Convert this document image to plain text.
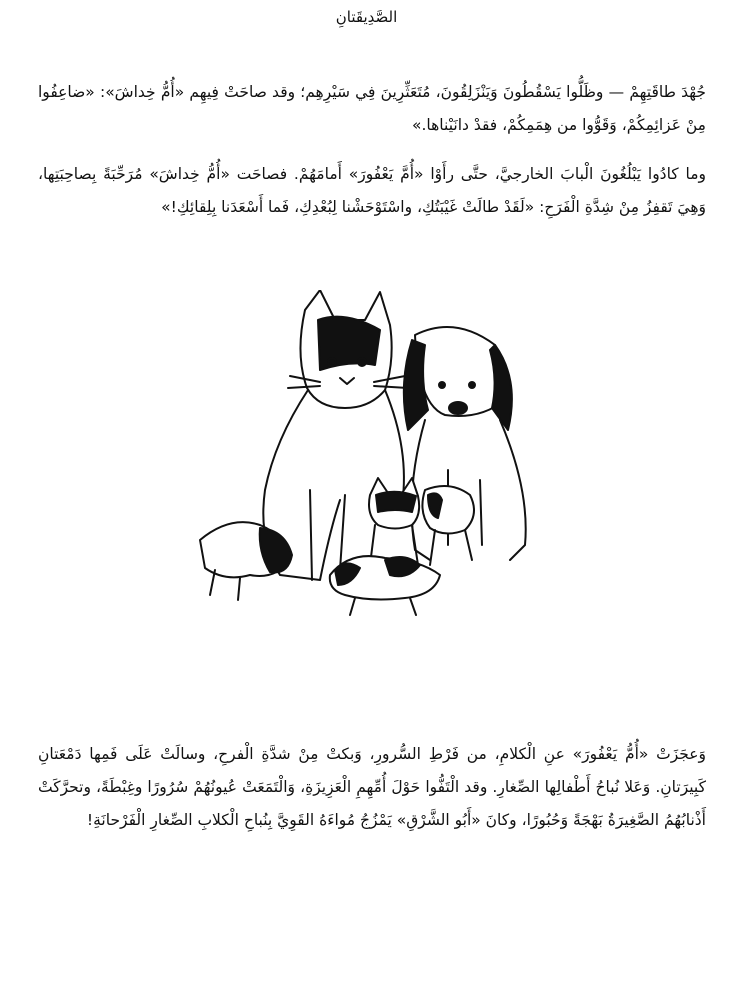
الصَّدِيقَتانِ

جُهْدَ طاقَتِهِمْ — وظَلُّوا يَسْقُطُونَ وَيَنْزَلِقُونَ، مُتَعَثِّرِينَ فِي سَيْرِهِم؛ وقد صاحَتْ فِيهِم «أُمُّ خِداشَ»: «ضاعِفُوا مِنْ عَزائِمِكُمْ، وَقَوُّوا من هِمَمِكُمْ، فقدْ دانَيْناها.»

وما كادُوا يَبْلُغُونَ الْبابَ الخارجيَّ، حتَّى رأَوْا «أُمَّ يَعْفُورَ» أَمامَهُمْ. فصاحَت «أُمُّ خِداشَ» مُرَحِّبَةً بِصاحِبَتِها، وَهِيَ تَقفِزُ مِنْ شِدَّةِ الْفَرَحِ: «لَقَدْ طالَتْ غَيْبَتُكِ، واسْتَوْحَشْنا لِبُعْدِكِ، فَما أَسْعَدَنا بِلِقائِكِ!»

وَعجَزَتْ «أُمُّ يَعْفُورَ» عنِ الْكلامِ، من فَرْطِ السُّرورِ، وَبكتْ مِنْ شدَّةِ الْفرحِ، وسالَتْ عَلَى فَمِها دَمْعَتانِ كَبِيرَتانِ. وَعَلا نُباحُ أَطْفالِها الصِّغارِ. وقد الْتَفُّوا حَوْلَ أُمِّهِمِ الْعَزِيزَةِ، وَالْتَمَعَتْ عُيونُهُمْ سُرُورًا وغِبْطَةً، وتحرَّكَتْ أَذْنابُهُمُ الصَّغِيرَةُ بَهْجَةً وَحُبُورًا، وكانَ «أَبُو الشَّرْقِ» يَمْزُجُ مُواءَهُ القَوِيَّ بِنُباحِ الْكلابِ الصِّغارِ الْفَرْحانَةِ!
